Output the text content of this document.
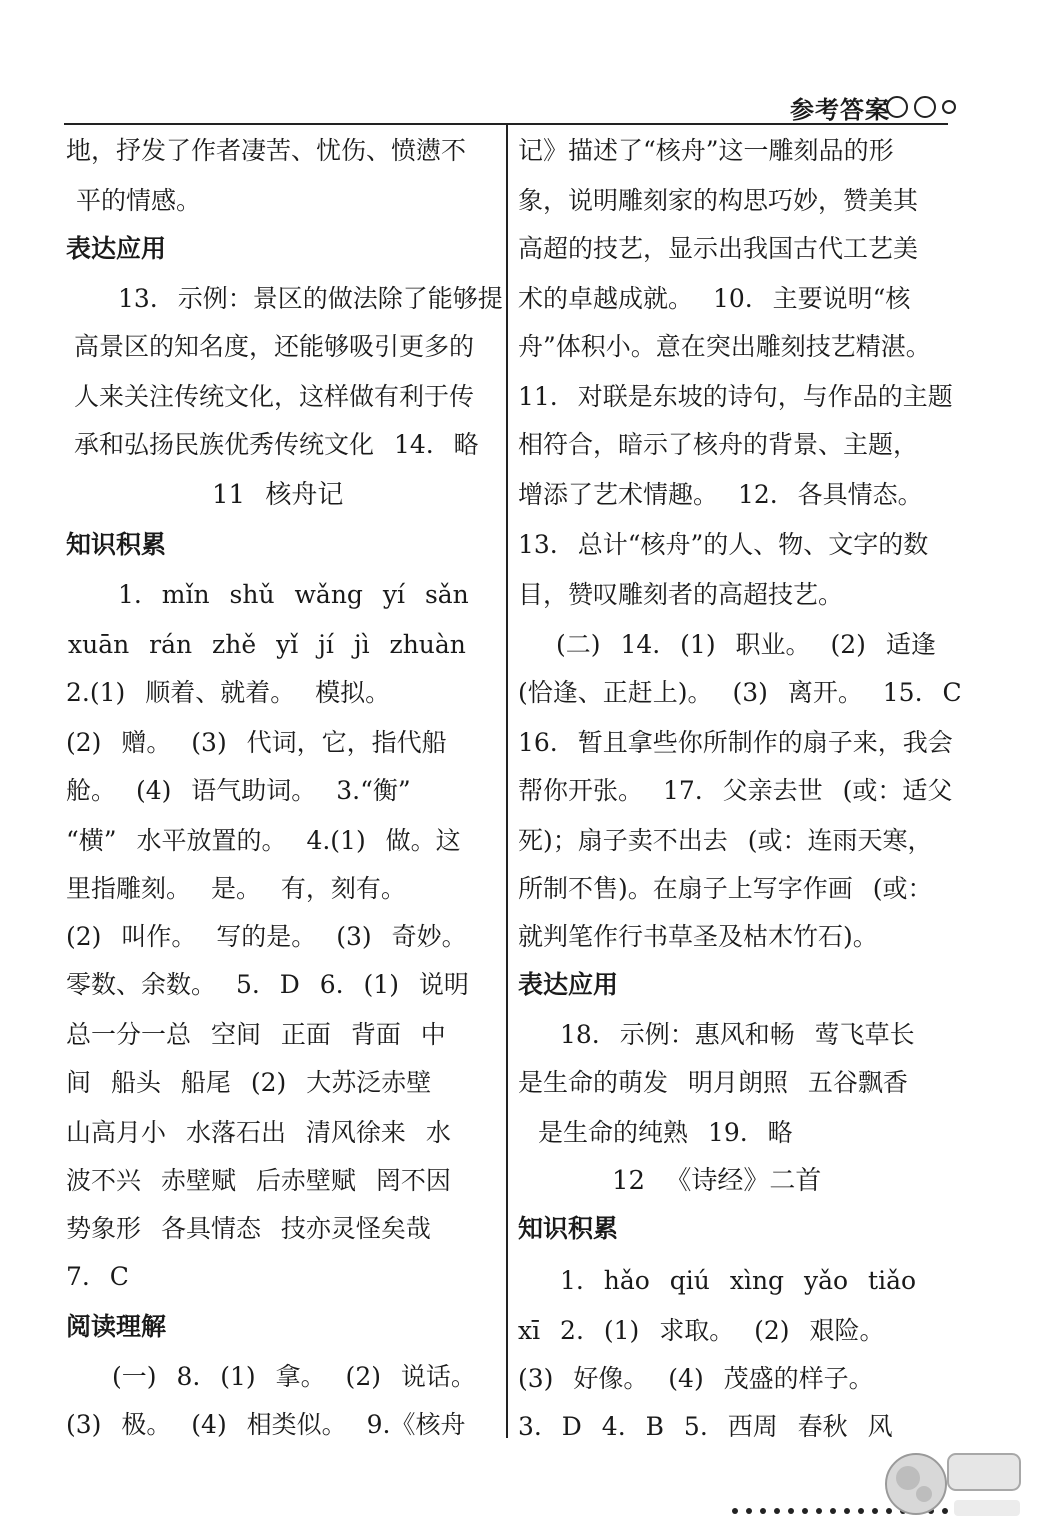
参考答案
地，抒发了作者凄苦、忧伤、愤懑不
平的情感。
表达应用
13. 示例：景区的做法除了能够提
高景区的知名度，还能够吸引更多的
人来关注传统文化，这样做有利于传
承和弘扬民族优秀传统文化 14. 略
11 核舟记
知识积累
1. mǐn shǔ wǎng yí sǎn
xuān rán zhě yǐ jí jì zhuàn
2.(1) 顺着、就着。 模拟。
(2) 赠。 (3) 代词，它，指代船
舱。 (4) 语气助词。 3.“衡”
“横” 水平放置的。 4.(1) 做。这
里指雕刻。 是。 有，刻有。
(2) 叫作。 写的是。 (3) 奇妙。
零数、余数。 5. D 6. (1) 说明
总一分一总 空间 正面 背面 中
间 船头 船尾 (2) 大苏泛赤壁
山高月小 水落石出 清风徐来 水
波不兴 赤壁赋 后赤壁赋 罔不因
势象形 各具情态 技亦灵怪矣哉
7. C
阅读理解
(一) 8. (1) 拿。 (2) 说话。
(3) 极。 (4) 相类似。 9.《核舟
记》描述了“核舟”这一雕刻品的形
象，说明雕刻家的构思巧妙，赞美其
高超的技艺，显示出我国古代工艺美
术的卓越成就。 10. 主要说明“核
舟”体积小。意在突出雕刻技艺精湛。
11. 对联是东坡的诗句，与作品的主题
相符合，暗示了核舟的背景、主题，
增添了艺术情趣。 12. 各具情态。
13. 总计“核舟”的人、物、文字的数
目，赞叹雕刻者的高超技艺。
(二) 14. (1) 职业。 (2) 适逢
(恰逢、正赶上)。 (3) 离开。 15. C
16. 暂且拿些你所制作的扇子来，我会
帮你开张。 17. 父亲去世 (或：适父
死)；扇子卖不出去 (或：连雨天寒，
所制不售)。在扇子上写字作画 (或：
就判笔作行书草圣及枯木竹石)。
表达应用
18. 示例：惠风和畅 莺飞草长
是生命的萌发 明月朗照 五谷飘香
是生命的纯熟 19. 略
12 《诗经》二首
知识积累
1. hǎo qiú xìng yǎo tiǎo
xī 2. (1) 求取。 (2) 艰险。
(3) 好像。 (4) 茂盛的样子。
3. D 4. B 5. 西周 春秋 风
